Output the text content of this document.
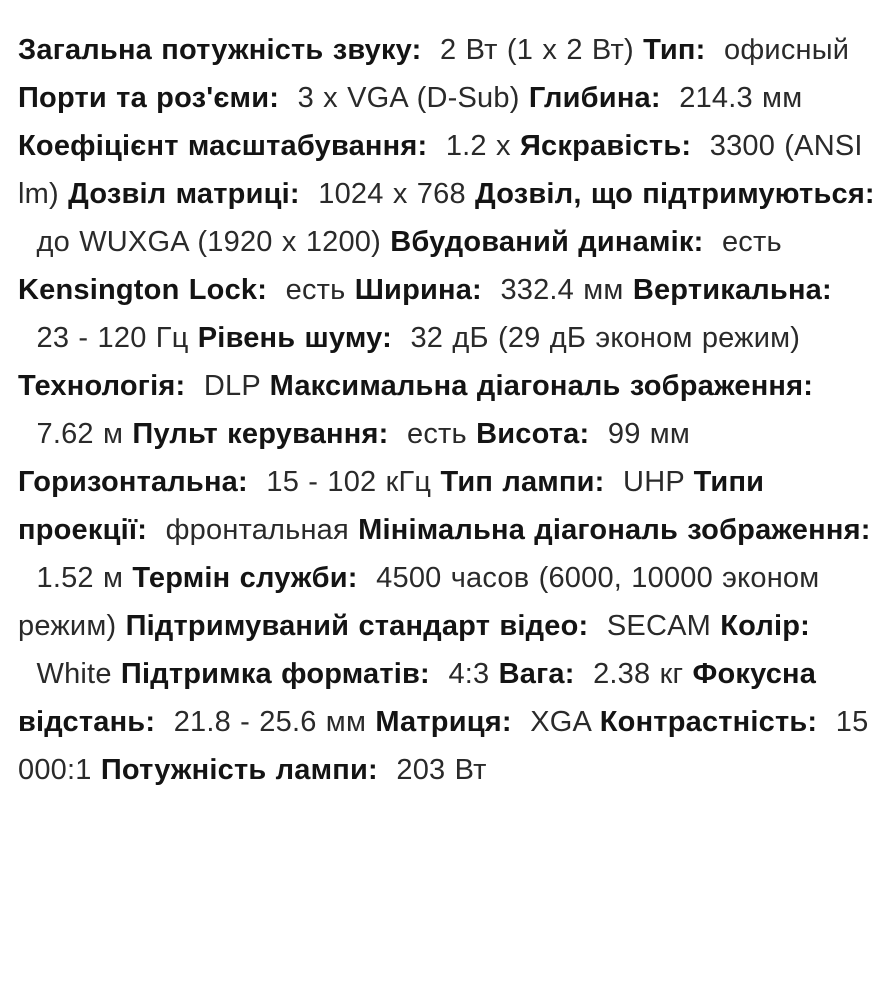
Загальна потужність звуку: 2 Вт (1 x 2 Вт) Тип: офисный Порти та роз'єми: 3 x VGA (D-Sub) Глибина: 214.3 мм Коефіцієнт масштабування: 1.2 x Яскравість: 3300 (ANSI lm) Дозвіл матриці: 1024 x 768 Дозвіл, що підтримуються:  до WUXGA (1920 x 1200) Вбудований динамік: есть Kensington Lock: есть Ширина: 332.4 мм Вертикальна:  23 - 120 Гц Рівень шуму: 32 дБ (29 дБ эконом режим) Технологія: DLP Максимальна діагональ зображення:  7.62 м Пульт керування: есть Висота: 99 мм Горизонтальна: 15 - 102 кГц Тип лампи: UHP Типи проекції: фронтальная Мінімальна діагональ зображення:  1.52 м Термін служби: 4500 часов (6000, 10000 эконом режим) Підтримуваний стандарт відео: SECAM Колір:  White Підтримка форматів: 4:3 Вага: 2.38 кг Фокусна відстань: 21.8 - 25.6 мм Матриця: XGA Контрастність: 15 000:1 Потужність лампи: 203 Вт
